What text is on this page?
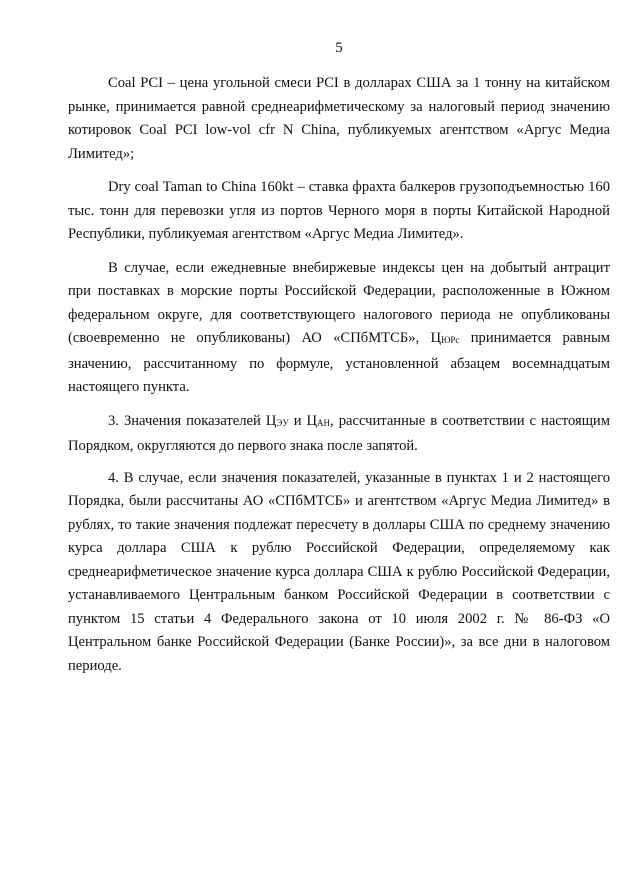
5

Coal PCI – цена угольной смеси PCI в долларах США за 1 тонну на китайском рынке, принимается равной среднеарифметическому за налоговый период значению котировок Coal PCI low-vol cfr N China, публикуемых агентством «Аргус Медиа Лимитед»;

Dry coal Taman to China 160kt – ставка фрахта балкеров грузоподъемностью 160 тыс. тонн для перевозки угля из портов Черного моря в порты Китайской Народной Республики, публикуемая агентством «Аргус Медиа Лимитед».

В случае, если ежедневные внебиржевые индексы цен на добытый антрацит при поставках в морские порты Российской Федерации, расположенные в Южном федеральном округе, для соответствующего налогового периода не опубликованы (своевременно не опубликованы) АО «СПбМТСБ», ЦЮРс принимается равным значению, рассчитанному по формуле, установленной абзацем восемнадцатым настоящего пункта.

3. Значения показателей ЦЭУ и ЦАН, рассчитанные в соответствии с настоящим Порядком, округляются до первого знака после запятой.

4. В случае, если значения показателей, указанные в пунктах 1 и 2 настоящего Порядка, были рассчитаны АО «СПбМТСБ» и агентством «Аргус Медиа Лимитед» в рублях, то такие значения подлежат пересчету в доллары США по среднему значению курса доллара США к рублю Российской Федерации, определяемому как среднеарифметическое значение курса доллара США к рублю Российской Федерации, устанавливаемого Центральным банком Российской Федерации в соответствии с пунктом 15 статьи 4 Федерального закона от 10 июля 2002 г. № 86-ФЗ «О Центральном банке Российской Федерации (Банке России)», за все дни в налоговом периоде.
